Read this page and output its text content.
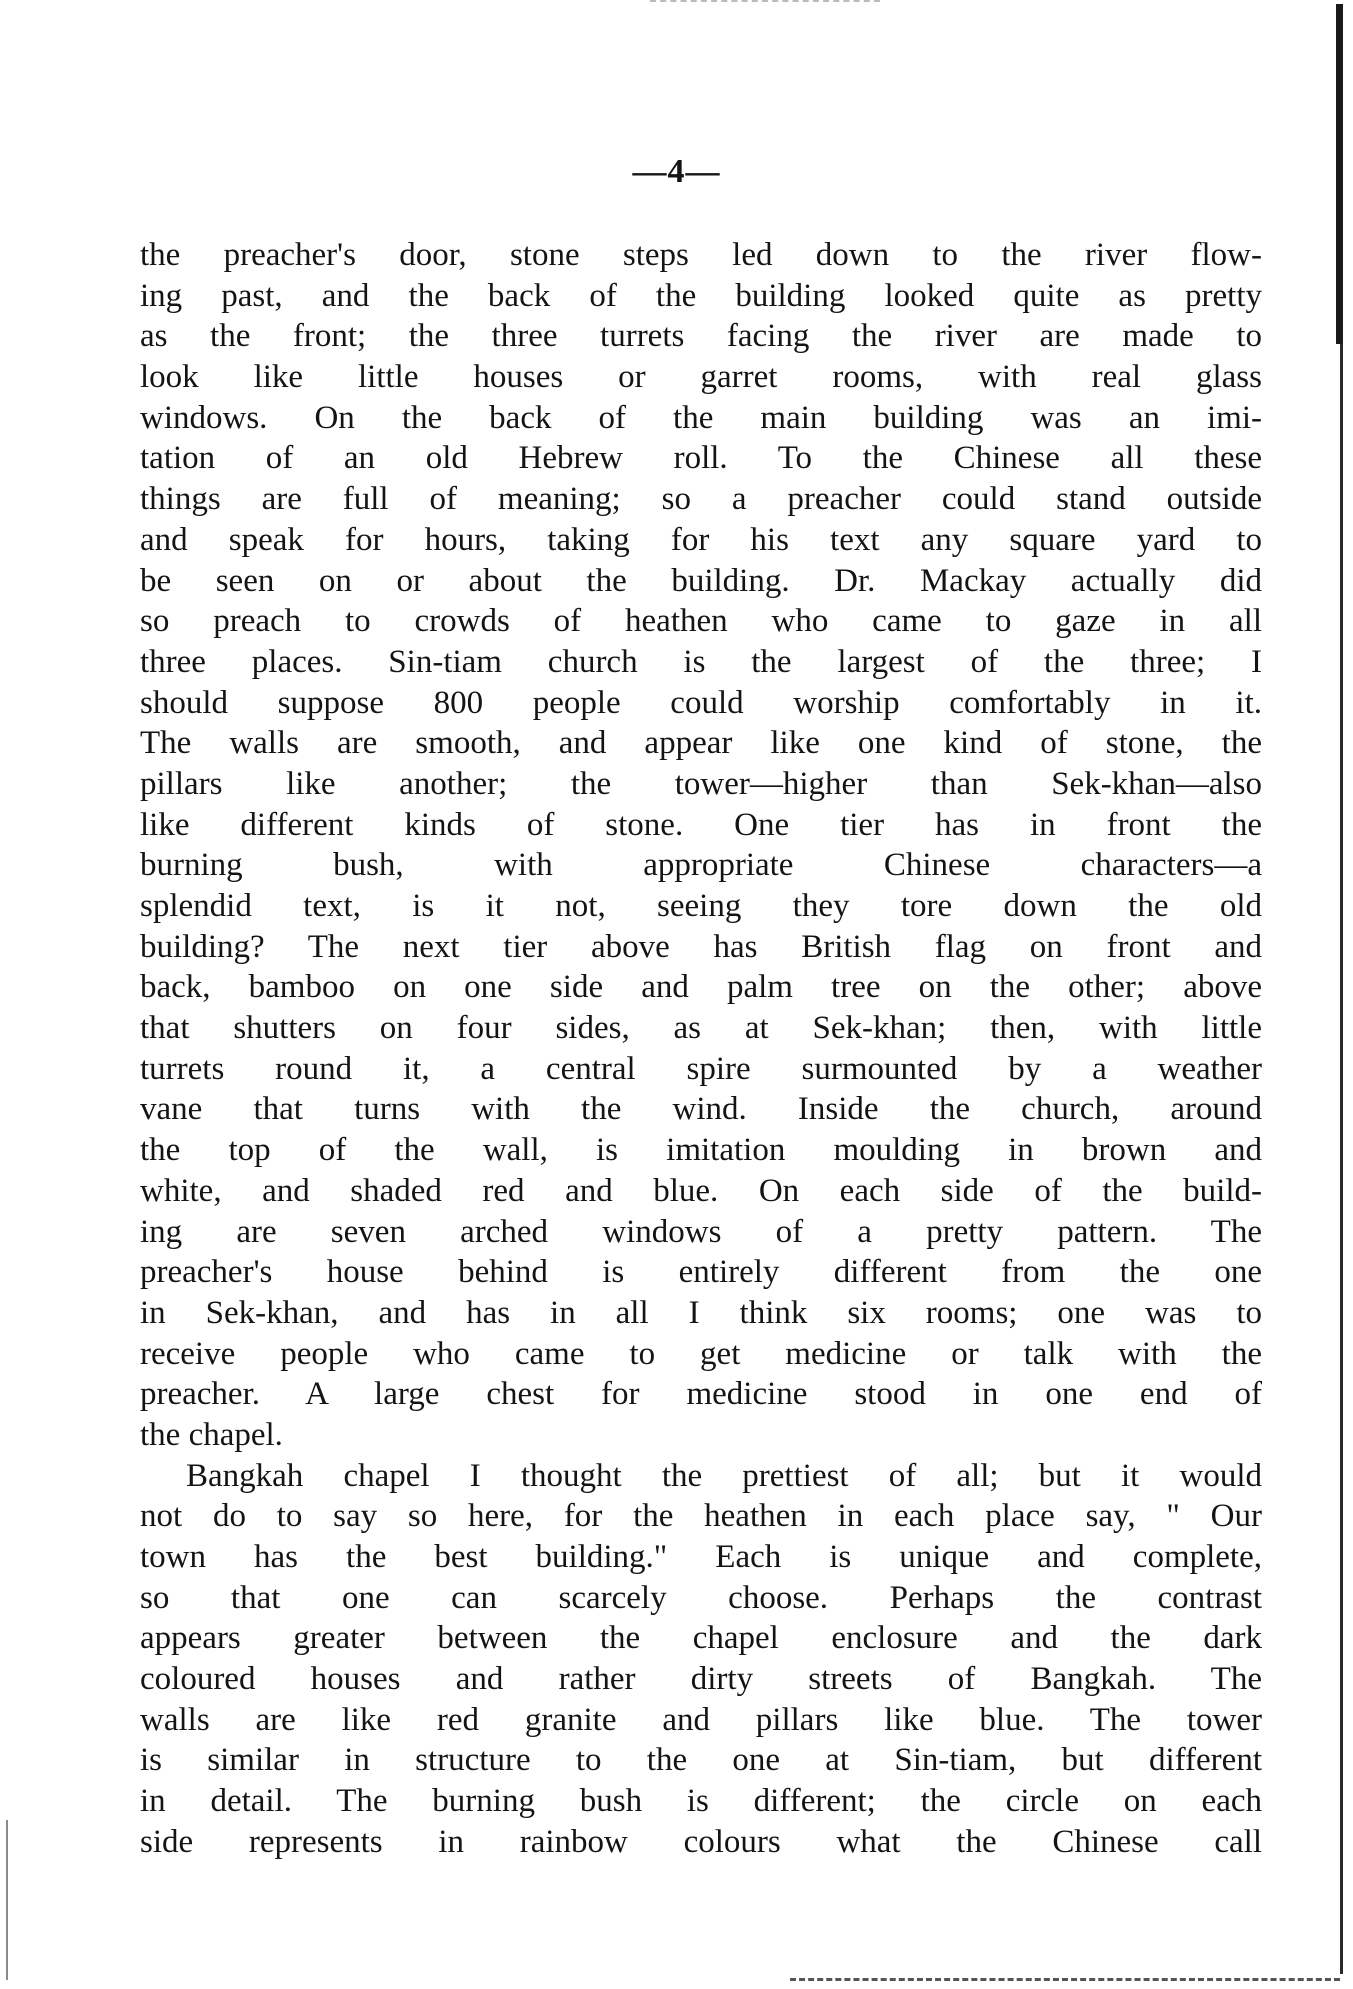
—4—
the preacher's door, stone steps led down to the river flow-
ing past, and the back of the building looked quite as pretty
as the front; the three turrets facing the river are made to
look like little houses or garret rooms, with real glass
windows. On the back of the main building was an imi-
tation of an old Hebrew roll. To the Chinese all these
things are full of meaning; so a preacher could stand outside
and speak for hours, taking for his text any square yard to
be seen on or about the building. Dr. Mackay actually did
so preach to crowds of heathen who came to gaze in all
three places. Sin-tiam church is the largest of the three; I
should suppose 800 people could worship comfortably in it.
The walls are smooth, and appear like one kind of stone, the
pillars like another; the tower—higher than Sek-khan—also
like different kinds of stone. One tier has in front the
burning bush, with appropriate Chinese characters—a
splendid text, is it not, seeing they tore down the old
building? The next tier above has British flag on front and
back, bamboo on one side and palm tree on the other; above
that shutters on four sides, as at Sek-khan; then, with little
turrets round it, a central spire surmounted by a weather
vane that turns with the wind. Inside the church, around
the top of the wall, is imitation moulding in brown and
white, and shaded red and blue. On each side of the build-
ing are seven arched windows of a pretty pattern. The
preacher's house behind is entirely different from the one
in Sek-khan, and has in all I think six rooms; one was to
receive people who came to get medicine or talk with the
preacher. A large chest for medicine stood in one end of
the chapel.
Bangkah chapel I thought the prettiest of all; but it would
not do to say so here, for the heathen in each place say, " Our
town has the best building." Each is unique and complete,
so that one can scarcely choose. Perhaps the contrast
appears greater between the chapel enclosure and the dark
coloured houses and rather dirty streets of Bangkah. The
walls are like red granite and pillars like blue. The tower
is similar in structure to the one at Sin-tiam, but different
in detail. The burning bush is different; the circle on each
side represents in rainbow colours what the Chinese call
